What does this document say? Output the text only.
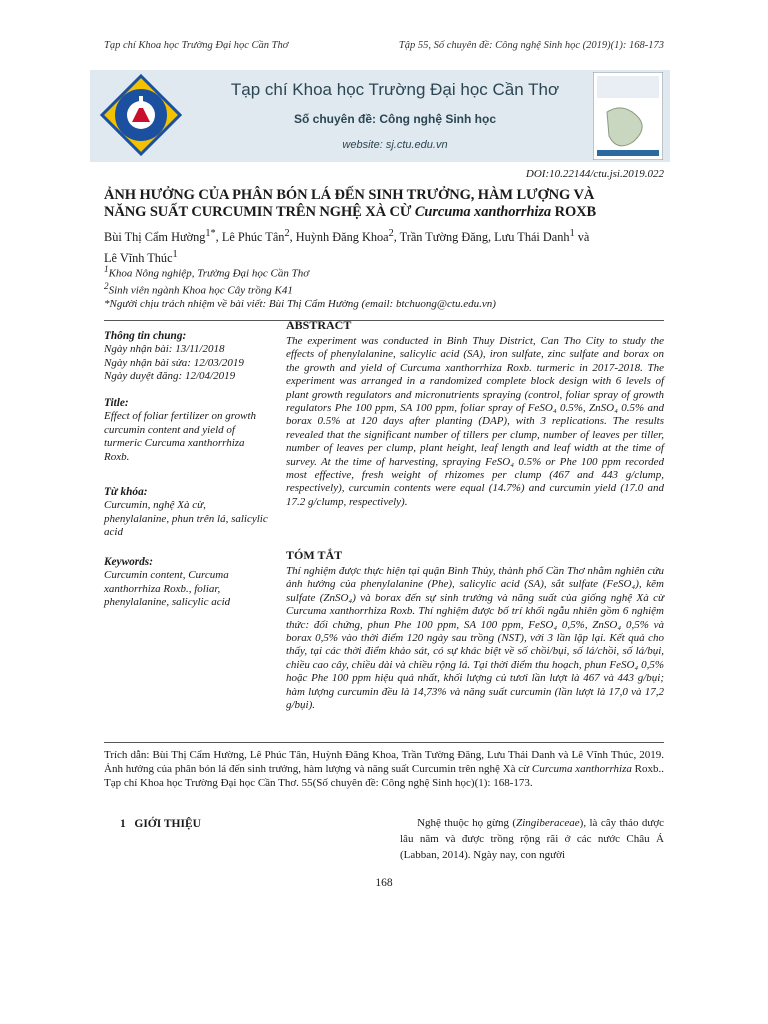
Tạp chí Khoa học Trường Đại học Cần Thơ	Tập 55, Số chuyên đề: Công nghệ Sinh học (2019)(1): 168-173
Tạp chí Khoa học Trường Đại học Cần Thơ
Số chuyên đề: Công nghệ Sinh học
website: sj.ctu.edu.vn
DOI:10.22144/ctu.jsi.2019.022
ẢNH HƯỞNG CỦA PHÂN BÓN LÁ ĐẾN SINH TRƯỞNG, HÀM LƯỢNG VÀ
NĂNG SUẤT CURCUMIN TRÊN NGHỆ XÀ CỪ Curcuma xanthorrhiza ROXB
Bùi Thị Cẩm Hường$^{1*}$, Lê Phúc Tân$^2$, Huỳnh Đăng Khoa$^2$, Trần Tường Đăng, Lưu Thái Danh$^1$ và
Lê Vĩnh Thúc$^1$
$^1$Khoa Nông nghiệp, Trường Đại học Cần Thơ
$^2$Sinh viên ngành Khoa học Cây trồng K41
*Người chịu trách nhiệm về bài viết: Bùi Thị Cẩm Hường (email: btchuong@ctu.edu.vn)
Thông tin chung:
Ngày nhận bài: 13/11/2018
Ngày nhận bài sửa: 12/03/2019
Ngày duyệt đăng: 12/04/2019
Title:
Effect of foliar fertilizer on growth curcumin content and yield of turmeric Curcuma xanthorrhiza Roxb.
Từ khóa:
Curcumin, nghệ Xà cừ, phenylalanine, phun trên lá, salicylic acid
Keywords:
Curcumin content, Curcuma xanthorrhiza Roxb., foliar, phenylalanine, salicylic acid
ABSTRACT
The experiment was conducted in Binh Thuy District, Can Tho City to study the effects of phenylalanine, salicylic acid (SA), iron sulfate, zinc sulfate and borax on the growth and yield of Curcuma xanthorrhiza Roxb. turmeric in 2017-2018. The experiment was arranged in a randomized complete block design with 6 levels of plant growth regulators and micronutrients spraying (control, foliar spray of growth regulators Phe 100 ppm, SA 100 ppm, foliar spray of FeSO₄ 0.5%, ZnSO₄ 0.5% and borax 0.5% at 120 days after planting (DAP), with 3 replications. The results revealed that the significant number of tillers per clump, number of leaves per tiller, number of leaves per clump, plant height, leaf length and leaf width at the time of survey. At the time of harvesting, spraying FeSO₄ 0.5% or Phe 100 ppm recorded most effective, fresh weight of rhizomes per clump (467 and 443 g/clump, respectively), curcumin contents were equal (14.7%) and curcumin yield (17.0 and 17.2 g/clump, respectively).
TÓM TẮT
Thí nghiệm được thực hiện tại quận Bình Thủy, thành phố Cần Thơ nhằm nghiên cứu ảnh hưởng của phenylalanine (Phe), salicylic acid (SA), sắt sulfate (FeSO₄), kẽm sulfate (ZnSO₄) và borax đến sự sinh trưởng và năng suất của giống nghệ Xà cừ Curcuma xanthorrhiza Roxb. Thí nghiệm được bố trí khối ngẫu nhiên gồm 6 nghiệm thức: đối chứng, phun Phe 100 ppm, SA 100 ppm, FeSO₄ 0,5%, ZnSO₄ 0,5% và borax 0,5% vào thời điểm 120 ngày sau trồng (NST), với 3 lần lặp lại. Kết quả cho thấy, tại các thời điểm khảo sát, có sự khác biệt về số chồi/bụi, số lá/chồi, số lá/bụi, chiều cao cây, chiều dài và chiều rộng lá. Tại thời điểm thu hoạch, phun FeSO₄ 0,5% hoặc Phe 100 ppm hiệu quả nhất, khối lượng củ tươi lần lượt là 467 và 443 g/bụi; hàm lượng curcumin đều là 14,73% và năng suất curcumin (lần lượt là 17,0 và 17,2 g/bụi).
Trích dẫn: Bùi Thị Cẩm Hường, Lê Phúc Tân, Huỳnh Đăng Khoa, Trần Tường Đăng, Lưu Thái Danh và Lê Vĩnh Thúc, 2019. Ảnh hưởng của phân bón lá đến sinh trưởng, hàm lượng và năng suất Curcumin trên nghệ Xà cừ Curcuma xanthorrhiza Roxb.. Tạp chí Khoa học Trường Đại học Cần Thơ. 55(Số chuyên đề: Công nghệ Sinh học)(1): 168-173.
1 GIỚI THIỆU	Nghệ thuộc họ gừng (Zingiberaceae), là cây thảo dược lâu năm và được trồng rộng rãi ở các nước Châu Á (Labban, 2014). Ngày nay, con người
168
